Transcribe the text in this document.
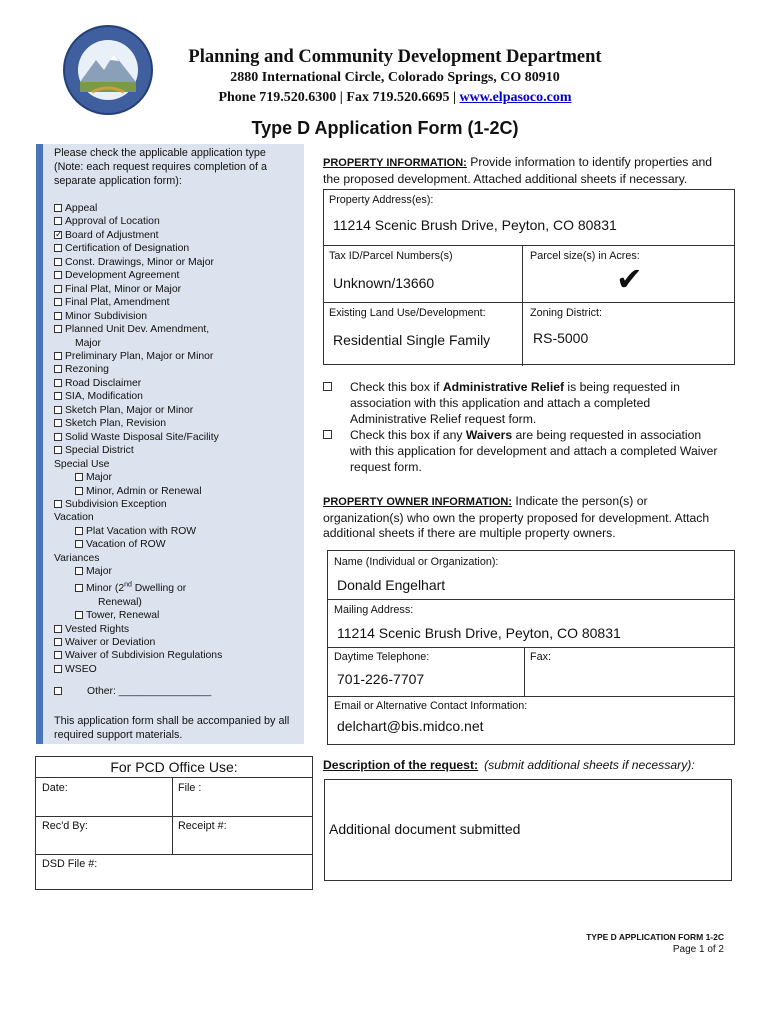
Planning and Community Development Department
2880 International Circle, Colorado Springs, CO 80910
Phone 719.520.6300 | Fax 719.520.6695 | www.elpasoco.com
Type D Application Form (1-2C)
Please check the applicable application type (Note: each request requires completion of a separate application form):
Appeal
Approval of Location
✓Board of Adjustment
Certification of Designation
Const. Drawings, Minor or Major
Development Agreement
Final Plat, Minor or Major
Final Plat, Amendment
Minor Subdivision
Planned Unit Dev. Amendment,
Major
Preliminary Plan, Major or Minor
Rezoning
Road Disclaimer
SIA, Modification
Sketch Plan, Major or Minor
Sketch Plan, Revision
Solid Waste Disposal Site/Facility
Special District
Special Use
Major
Minor, Admin or Renewal
Subdivision Exception
Vacation
Plat Vacation with ROW
Vacation of ROW
Variances
Major
Minor (2nd Dwelling or
Renewal)
Tower, Renewal
Vested Rights
Waiver or Deviation
Waiver of Subdivision Regulations
WSEO
Other: ________________
This application form shall be accompanied by all required support materials.
For PCD Office Use:
Date:	File :
Rec'd By:	Receipt #:
DSD File #:
PROPERTY INFORMATION: Provide information to identify properties and the proposed development. Attached additional sheets if necessary.
Property Address(es):
11214 Scenic Brush Drive, Peyton, CO 80831
Tax ID/Parcel Numbers(s)
Unknown/13660
Parcel size(s) in Acres:
✔
Existing Land Use/Development:
Residential Single Family
Zoning District:
RS-5000
Check this box if Administrative Relief is being requested in association with this application and attach a completed Administrative Relief request form.
Check this box if any Waivers are being requested in association with this application for development and attach a completed Waiver request form.
PROPERTY OWNER INFORMATION: Indicate the person(s) or organization(s) who own the property proposed for development. Attach additional sheets if there are multiple property owners.
Name (Individual or Organization):
Donald Engelhart
Mailing Address:
11214 Scenic Brush Drive, Peyton, CO 80831
Daytime Telephone:
701-226-7707
Fax:
Email or Alternative Contact Information:
delchart@bis.midco.net
Description of the request: (submit additional sheets if necessary):
Additional document submitted
TYPE D APPLICATION FORM 1-2C
Page 1 of 2
